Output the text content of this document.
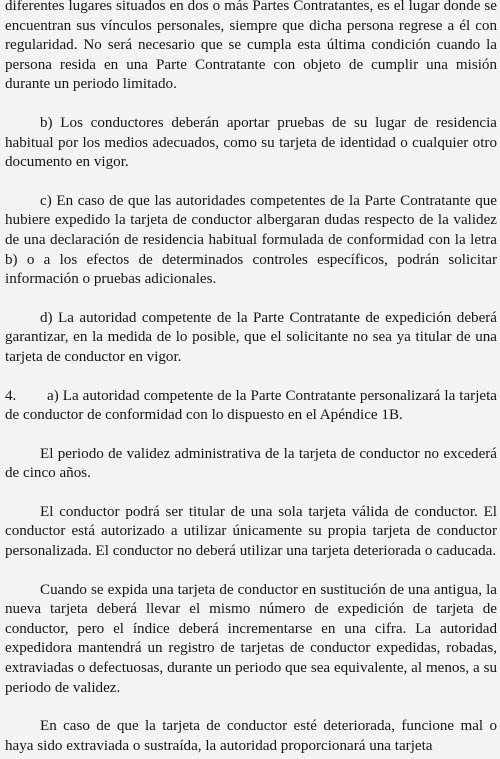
diferentes lugares situados en dos o más Partes Contratantes, es el lugar donde se encuentran sus vínculos personales, siempre que dicha persona regrese a él con regularidad. No será necesario que se cumpla esta última condición cuando la persona resida en una Parte Contratante con objeto de cumplir una misión durante un periodo limitado.

b) Los conductores deberán aportar pruebas de su lugar de residencia habitual por los medios adecuados, como su tarjeta de identidad o cualquier otro documento en vigor.

c) En caso de que las autoridades competentes de la Parte Contratante que hubiere expedido la tarjeta de conductor albergaran dudas respecto de la validez de una declaración de residencia habitual formulada de conformidad con la letra b) o a los efectos de determinados controles específicos, podrán solicitar información o pruebas adicionales.

d) La autoridad competente de la Parte Contratante de expedición deberá garantizar, en la medida de lo posible, que el solicitante no sea ya titular de una tarjeta de conductor en vigor.

4. a) La autoridad competente de la Parte Contratante personalizará la tarjeta de conductor de conformidad con lo dispuesto en el Apéndice 1B.

El periodo de validez administrativa de la tarjeta de conductor no excederá de cinco años.

El conductor podrá ser titular de una sola tarjeta válida de conductor. El conductor está autorizado a utilizar únicamente su propia tarjeta de conductor personalizada. El conductor no deberá utilizar una tarjeta deteriorada o caducada.

Cuando se expida una tarjeta de conductor en sustitución de una antigua, la nueva tarjeta deberá llevar el mismo número de expedición de tarjeta de conductor, pero el índice deberá incrementarse en una cifra. La autoridad expedidora mantendrá un registro de tarjetas de conductor expedidas, robadas, extraviadas o defectuosas, durante un periodo que sea equivalente, al menos, a su periodo de validez.

En caso de que la tarjeta de conductor esté deteriorada, funcione mal o haya sido extraviada o sustraída, la autoridad proporcionará una tarjeta
